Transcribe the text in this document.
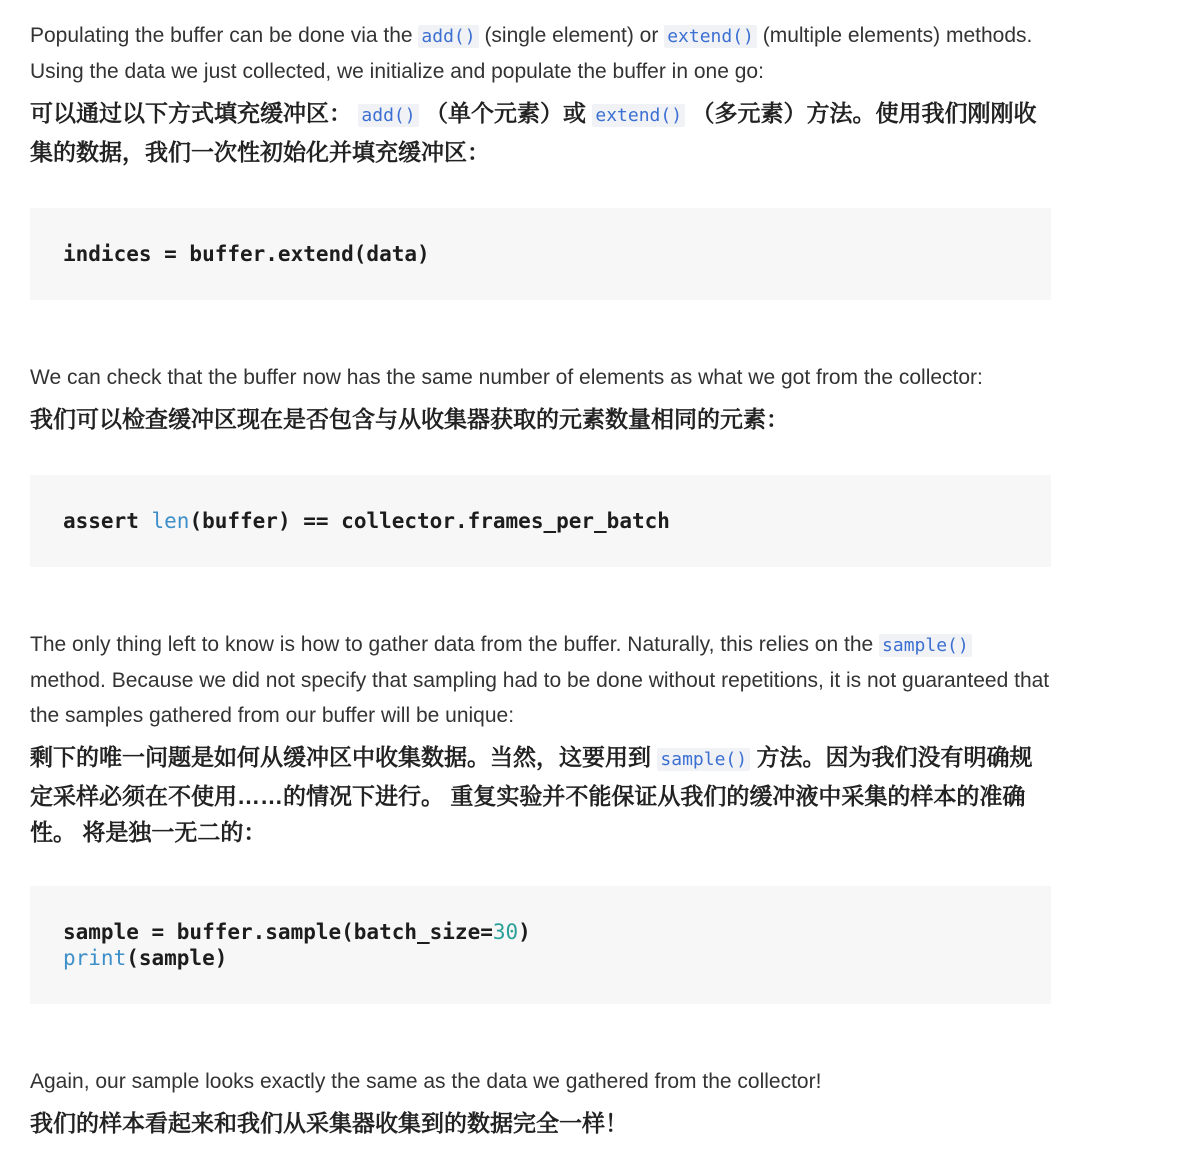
Populating the buffer can be done via the add() (single element) or extend() (multiple elements) methods. Using the data we just collected, we initialize and populate the buffer in one go:

可以通过以下方式填充缓冲区： add() （单个元素）或 extend() （多元素）方法。使用我们刚刚收集的数据，我们一次性初始化并填充缓冲区：

indices = buffer.extend(data)

We can check that the buffer now has the same number of elements as what we got from the collector:

我们可以检查缓冲区现在是否包含与从收集器获取的元素数量相同的元素：

assert len(buffer) == collector.frames_per_batch

The only thing left to know is how to gather data from the buffer. Naturally, this relies on the sample() method. Because we did not specify that sampling had to be done without repetitions, it is not guaranteed that the samples gathered from our buffer will be unique:

剩下的唯一问题是如何从缓冲区中收集数据。当然，这要用到 sample() 方法。因为我们没有明确规定采样必须在不使用……的情况下进行。 重复实验并不能保证从我们的缓冲液中采集的样本的准确性。 将是独一无二的：

sample = buffer.sample(batch_size=30)
print(sample)

Again, our sample looks exactly the same as the data we gathered from the collector!

我们的样本看起来和我们从采集器收集到的数据完全一样！
